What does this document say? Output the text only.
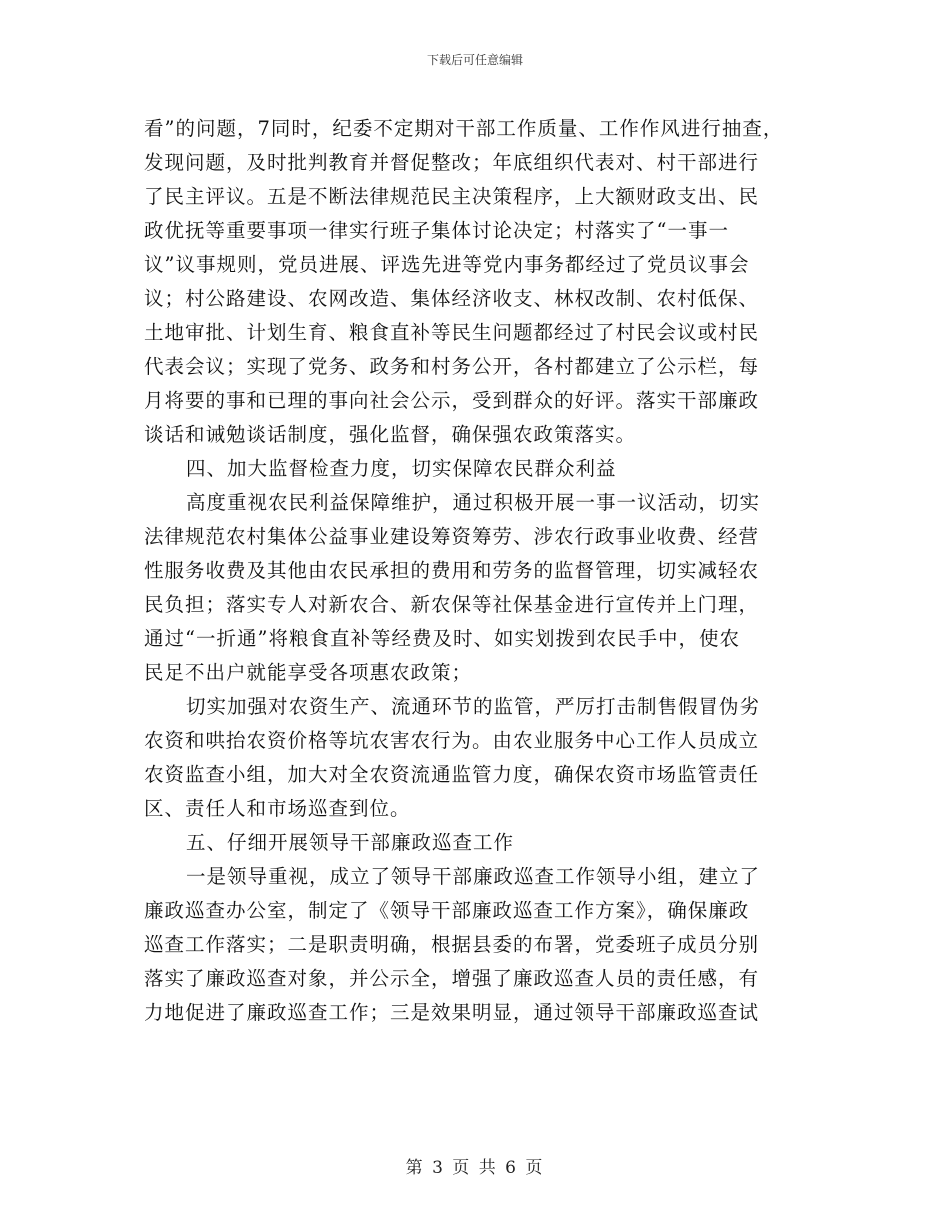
下载后可任意编辑
看”的问题，7同时，纪委不定期对干部工作质量、工作作风进行抽查，
发现问题，及时批判教育并督促整改；年底组织代表对、村干部进行
了民主评议。五是不断法律规范民主决策程序，上大额财政支出、民
政优抚等重要事项一律实行班子集体讨论决定；村落实了“一事一
议”议事规则，党员进展、评选先进等党内事务都经过了党员议事会
议；村公路建设、农网改造、集体经济收支、林权改制、农村低保、
土地审批、计划生育、粮食直补等民生问题都经过了村民会议或村民
代表会议；实现了党务、政务和村务公开，各村都建立了公示栏，每
月将要的事和已理的事向社会公示，受到群众的好评。落实干部廉政
谈话和诫勉谈话制度，强化监督，确保强农政策落实。
四、加大监督检查力度，切实保障农民群众利益
高度重视农民利益保障维护，通过积极开展一事一议活动，切实
法律规范农村集体公益事业建设筹资筹劳、涉农行政事业收费、经营
性服务收费及其他由农民承担的费用和劳务的监督管理，切实减轻农
民负担；落实专人对新农合、新农保等社保基金进行宣传并上门理，
通过“一折通”将粮食直补等经费及时、如实划拨到农民手中，使农
民足不出户就能享受各项惠农政策；
切实加强对农资生产、流通环节的监管，严厉打击制售假冒伪劣
农资和哄抬农资价格等坑农害农行为。由农业服务中心工作人员成立
农资监查小组，加大对全农资流通监管力度，确保农资市场监管责任
区、责任人和市场巡查到位。
五、仔细开展领导干部廉政巡查工作
一是领导重视，成立了领导干部廉政巡查工作领导小组，建立了
廉政巡查办公室，制定了《领导干部廉政巡查工作方案》，确保廉政
巡查工作落实；二是职责明确，根据县委的布署，党委班子成员分别
落实了廉政巡查对象，并公示全，增强了廉政巡查人员的责任感，有
力地促进了廉政巡查工作；三是效果明显，通过领导干部廉政巡查试
第 3 页 共 6 页
